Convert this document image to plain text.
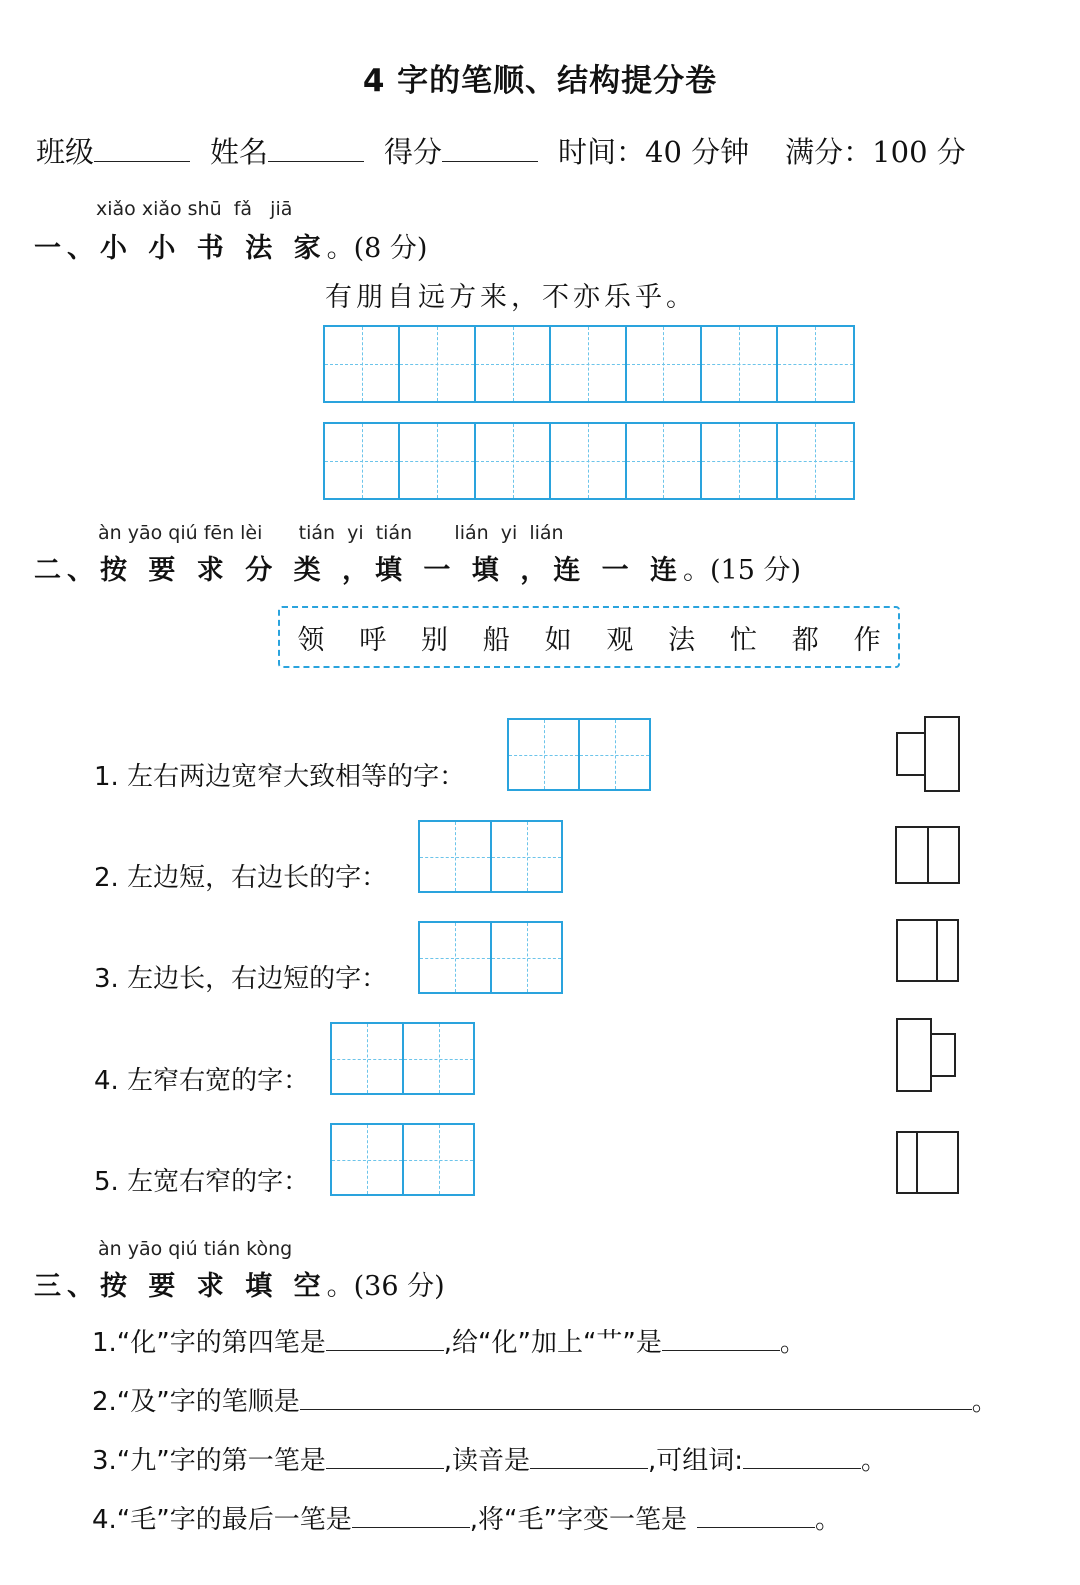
4 字的笔顺、结构提分卷
班级	姓名	得分	时间：40 分钟 满分：100 分
xiǎo xiǎo shū  fǎ   jiā
一、小 小 书 法 家。(8 分)
有朋自远方来，不亦乐乎。
àn yāo qiú fēn lèi      tián  yi  tián       lián  yi  lián
二、按 要 求 分 类 ，填 一 填 ，连 一 连。(15 分)
领 呼 别 船 如 观 法 忙 都 作
1. 左右两边宽窄大致相等的字：
2. 左边短，右边长的字：
3. 左边长，右边短的字：
4. 左窄右宽的字：
5. 左宽右窄的字：
àn yāo qiú tián kòng
三、按 要 求 填 空。(36 分)
1.“化”字的第四笔是	,给“化”加上“艹”是	。
2.“及”字的笔顺是	。
3.“九”字的第一笔是	,读音是	,可组词:	。
4.“毛”字的最后一笔是	,将“毛”字变一笔是	。
